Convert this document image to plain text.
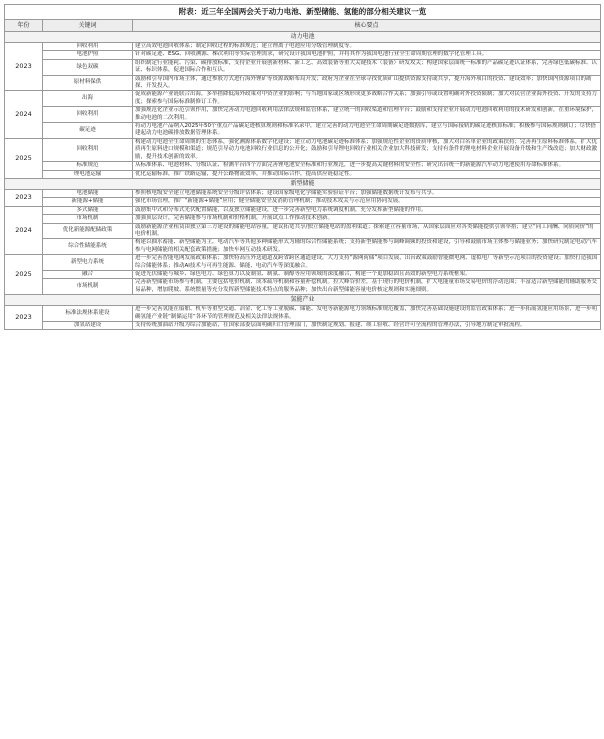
附表：近三年全国两会关于动力电池、新型储能、氢能的部分相关建议一览		
年份	关键词	核心要点
动力电池		
2023	回收利用	建立高效电池回收体系；制定回收过程的标准规范；建立锂离子电池应用分级管理制度等。
	电池护照	针对碳足迹、ESG、回收溯源、梯次利用等实际管理需求，研究设计我国电池护照，并将其作为我国电池行业全生命周期管理的数字化管理工具。
	绿色双碳	组织制定行业能耗、污染、碳排放标准，支持企业开展创新材料、新工艺、高效装备等重大关键技术（装备）研发攻关；构建国家层面统一标准的产品碳足迹认证体系，完善绿色低碳标准、认证、标识体系，促进国际合作和互认。
	原材料保供	鼓励和引导国内市场主体，通过参股方式进行海外锂矿等资源战略布局开发；政府为企业在全球寻找优质矿山提供资源支持或共享，提升海外项目的投资、建设效率；加快国内资源项目的勘探、开发投入。
2024	出海	促成新能源产业链联合出海，多举措降低海外政策对中资企业的影响；与当地国家或区域形成更多战略合作关系；加强引导或设置明确对外投资限制；加大对民营企业海外投资、开发的支持力度；探索参与国际标准制修订工作。
	回收利用	加强规范化企业示范引领作用，加快完善动力电池回收利用法律法规和监管体系，建立统一的回收渠道和管理平台；鼓励和支持企业开展动力电池回收利用的技术研发和创新，在重环境保护，推动电池的二次利用。
	碳足迹	将动力电池产品纳入2025年50个重点产品碳足迹核算规则和标准名录中，建立完善的动力电池全生命周期碳足迹数据库，建立与国际接轨的碳足迹核算标准；积极参与国际规则制订；尽快搭建起动力电池碳排放数据管理体系。
2025	回收利用	构建动力电池全生命周期的生态体系，强化溯源体系数字化建设；建立动力电池碳足迹标准体系；加强规范性企业的资质审核，加大对白名单企业的政策扶持；完善再生原料标准体系，扩大优质再生原料进口规模和渠道；规范引导动力电池回收行业信息的公开化；鼓励和引导锂电回收行业相关企业加大科技研发；支持有条件的锂电材料企业开展设备升级和生产线改造；加大财政激励，提升技术创新的效率。
	标准规范	从标准体系、电池材料、分级认证、检测平台四个方面完善锂电池安全标准和行业规范，进一步提高关键材料的安全性；研究出台统一的新能源汽车动力电池使用寿命标准体系。
	锂电池运输	优化运输标准，推广铁路运输，提升公路物流效率，并推动国际合作，提高供应链稳定性。
新型储能		
2023	电池储能	参照核电级安全建立电池储能系统安全分级评估体系；建设国家级电化学储能实验验证平台；加强储能数据统计发布与共享。
	新能源+储能	强化市场管理，推广“新能源+储能”应用；健全储能安全及消防管理机制；推动技术攻关与示范应用协同发展。
2024	多式储能	鼓励集中式和分布式光伏配置储能，以及独立储能建设，进一步完善新型电力系统调度机制，充分发挥新型储能的作用。
	市场机制	加强顶层设计，完善储能参与市场机制和价格机制，开展试点工作推动技术创新。
	优化新能源配储政策	鼓励新能源企业租赁由独立第三方建设的储能电站容量，建议拓宽共享/独立储能电站的盈利渠道；探索建立容量市场，从国家层面应对各类储能提供引领举措；建立“同工同酬、同质同价”的电价机制。
	综合性储能系统	构建以抽水蓄能、新型储能为主，电动汽车等其他多种储能形式为辅的综合性储能系统；支持新型储能参与调峰调频的投资和建设，引导和鼓励市场主体参与储能业务；加快研究制定电动汽车参与电网储能的相关配套政策措施；加快车网互动技术研发。
2025	新型电力系统	进一步完善智能电网发展政策体系；加快特高压外送通道及跨省跨区通道建设，大力支持“源网荷储”项目发展，出台政策鼓励智能微电网、虚拟电厂等新型示范项目的投资建设；加快打造我国综合储能体系；推动AI技术与可再生能源、储能、电动汽车等深度融合。
	融合	促进光伏储能与城乡、绿色电力、绿色算力以及制氢、制氨、制醇等应用领域的深度融合，构建一个更加稳固且高效的新型电力系统框架。
	市场机制	完善新型储能市场参与机制，主要包括电价机制、成本疏导机制和容量补偿机制。拉大峰谷价差，基于现行的电价机制，扩大电能量市场交易电价的浮动范围；丰富适合新型储能的辅助服务交易品种，增加爬坡、系统惯量等充分发挥新型储能技术特点的服务品种；加快出台新型储能容量电价核定规则和实施细则。
氢能产业		
2023	标准法规体系建设	进一步完善氢能在船舶、机车等重型交通、冶金、化工等工业脱碳、储能、发电等新能源电力领域标准规范覆盖，加快完善基础设施建设的监管政策体系；进一步拓展氢能应用场景，进一步明确氢能产业链“制储运用”各环节的管理规范及相关法律法规体系。
	加氢站建设	支持传统加油站升级为综合加能站，在国家部委层面明确归口管理部门，加快制定规划、报建、竣工验收、经营许可全流程的管理办法，引导地方制定审批流程。
